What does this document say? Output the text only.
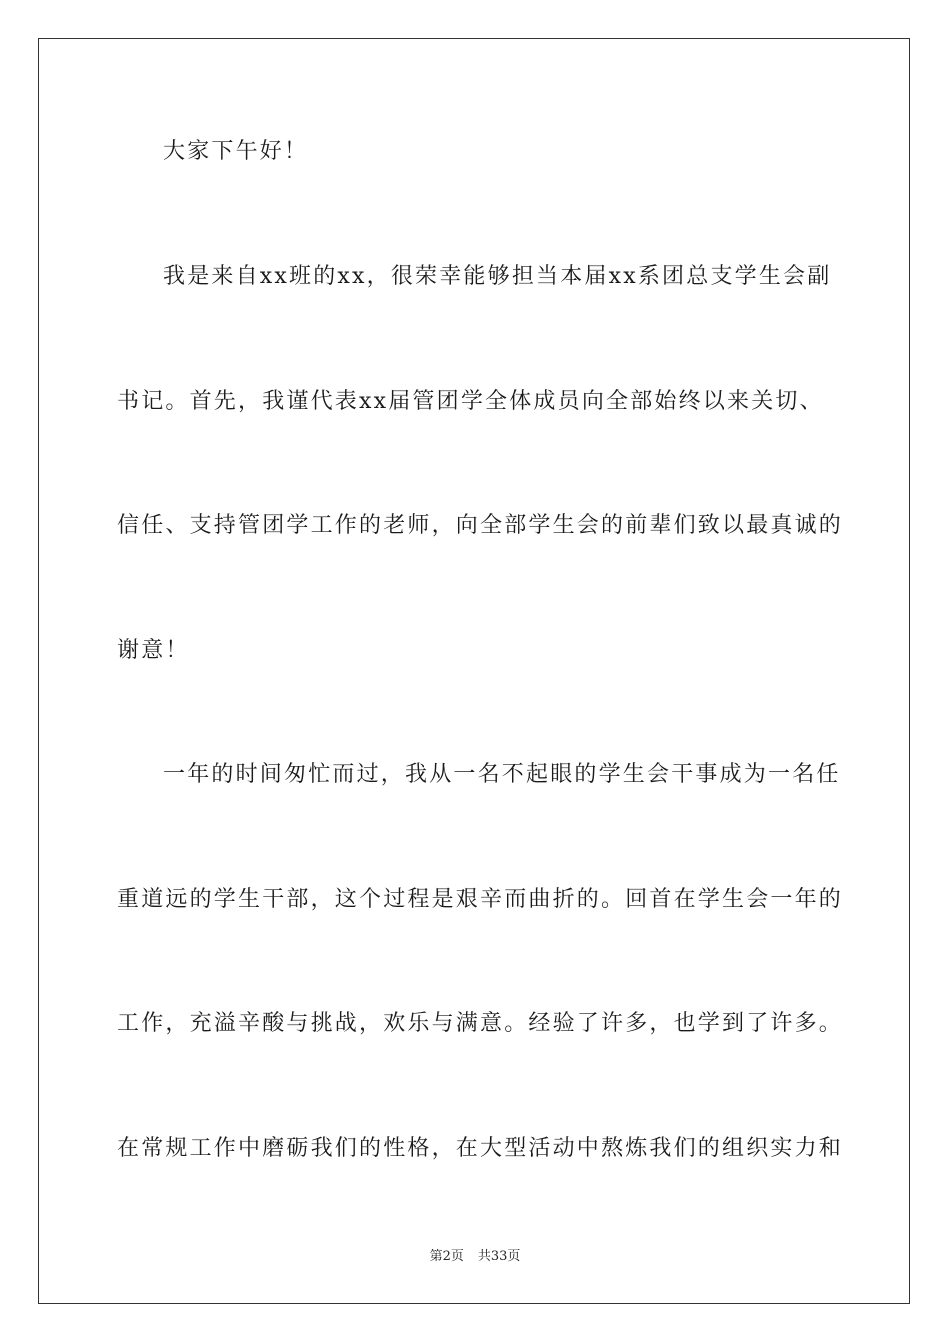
大家下午好！
我是来自xx班的xx，很荣幸能够担当本届xx系团总支学生会副
书记。首先，我谨代表xx届管团学全体成员向全部始终以来关切、
信任、支持管团学工作的老师，向全部学生会的前辈们致以最真诚的
谢意！
一年的时间匆忙而过，我从一名不起眼的学生会干事成为一名任
重道远的学生干部，这个过程是艰辛而曲折的。回首在学生会一年的
工作，充溢辛酸与挑战，欢乐与满意。经验了许多，也学到了许多。
在常规工作中磨砺我们的性格，在大型活动中熬炼我们的组织实力和
第2页 共33页
